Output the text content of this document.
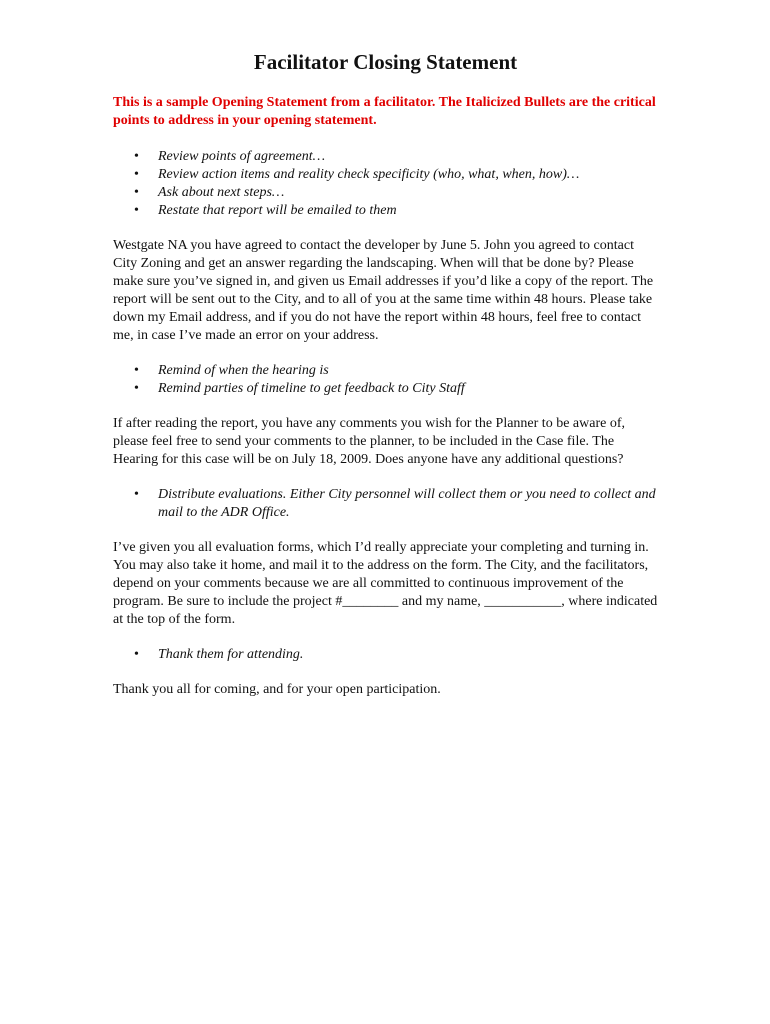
Facilitator Closing Statement

This is a sample Opening Statement from a facilitator. The Italicized Bullets are the critical points to address in your opening statement.

• Review points of agreement…
• Review action items and reality check specificity (who, what, when, how)…
• Ask about next steps…
• Restate that report will be emailed to them

Westgate NA you have agreed to contact the developer by June 5. John you agreed to contact City Zoning and get an answer regarding the landscaping. When will that be done by? Please make sure you’ve signed in, and given us Email addresses if you’d like a copy of the report. The report will be sent out to the City, and to all of you at the same time within 48 hours. Please take down my Email address, and if you do not have the report within 48 hours, feel free to contact me, in case I’ve made an error on your address.

• Remind of when the hearing is
• Remind parties of timeline to get feedback to City Staff

If after reading the report, you have any comments you wish for the Planner to be aware of, please feel free to send your comments to the planner, to be included in the Case file. The Hearing for this case will be on July 18, 2009. Does anyone have any additional questions?

• Distribute evaluations. Either City personnel will collect them or you need to collect and mail to the ADR Office.

I’ve given you all evaluation forms, which I’d really appreciate your completing and turning in. You may also take it home, and mail it to the address on the form. The City, and the facilitators, depend on your comments because we are all committed to continuous improvement of the program. Be sure to include the project #________ and my name, ___________, where indicated at the top of the form.

• Thank them for attending.

Thank you all for coming, and for your open participation.
